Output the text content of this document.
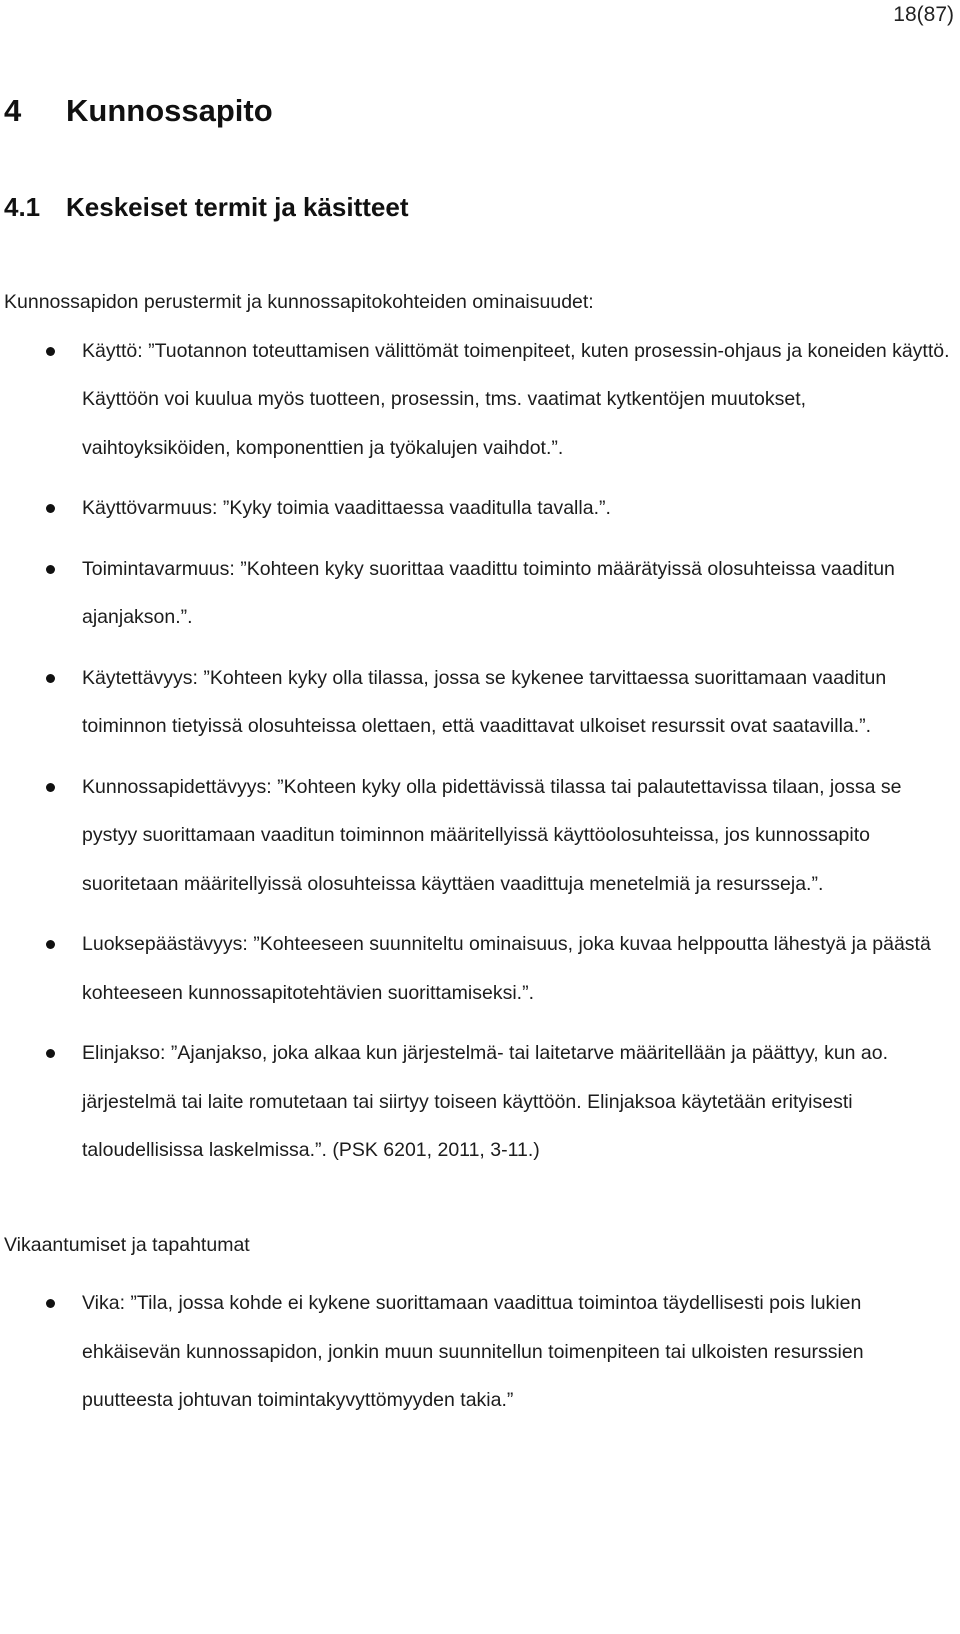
18(87)
4 Kunnossapito
4.1 Keskeiset termit ja käsitteet

Kunnossapidon perustermit ja kunnossapitokohteiden ominaisuudet:

Käyttö: ”Tuotannon toteuttamisen välittömät toimenpiteet, kuten prosessin-ohjaus ja koneiden käyttö. Käyttöön voi kuulua myös tuotteen, prosessin, tms. vaatimat kytkentöjen muutokset, vaihtoyksiköiden, komponenttien ja työkalujen vaihdot.”.
Käyttövarmuus: ”Kyky toimia vaadittaessa vaaditulla tavalla.”.
Toimintavarmuus: ”Kohteen kyky suorittaa vaadittu toiminto määrätyissä olosuhteissa vaaditun ajanjakson.”.
Käytettävyys: ”Kohteen kyky olla tilassa, jossa se kykenee tarvittaessa suorittamaan vaaditun toiminnon tietyissä olosuhteissa olettaen, että vaadittavat ulkoiset resurssit ovat saatavilla.”.
Kunnossapidettävyys: ”Kohteen kyky olla pidettävissä tilassa tai palautettavissa tilaan, jossa se pystyy suorittamaan vaaditun toiminnon määritellyissä käyttöolosuhteissa, jos kunnossapito suoritetaan määritellyissä olosuhteissa käyttäen vaadittuja menetelmiä ja resursseja.”.
Luoksepäästävyys: ”Kohteeseen suunniteltu ominaisuus, joka kuvaa helppoutta lähestyä ja päästä kohteeseen kunnossapitotehtävien suorittamiseksi.”.
Elinjakso: ”Ajanjakso, joka alkaa kun järjestelmä- tai laitetarve määritellään ja päättyy, kun ao. järjestelmä tai laite romutetaan tai siirtyy toiseen käyttöön. Elinjaksoa käytetään erityisesti taloudellisissa laskelmissa.”. (PSK 6201, 2011, 3-11.)

Vikaantumiset ja tapahtumat

Vika: ”Tila, jossa kohde ei kykene suorittamaan vaadittua toimintoa täydellisesti pois lukien ehkäisevän kunnossapidon, jonkin muun suunnitellun toimenpiteen tai ulkoisten resurssien puutteesta johtuvan toimintakyvyttömyyden takia.”
